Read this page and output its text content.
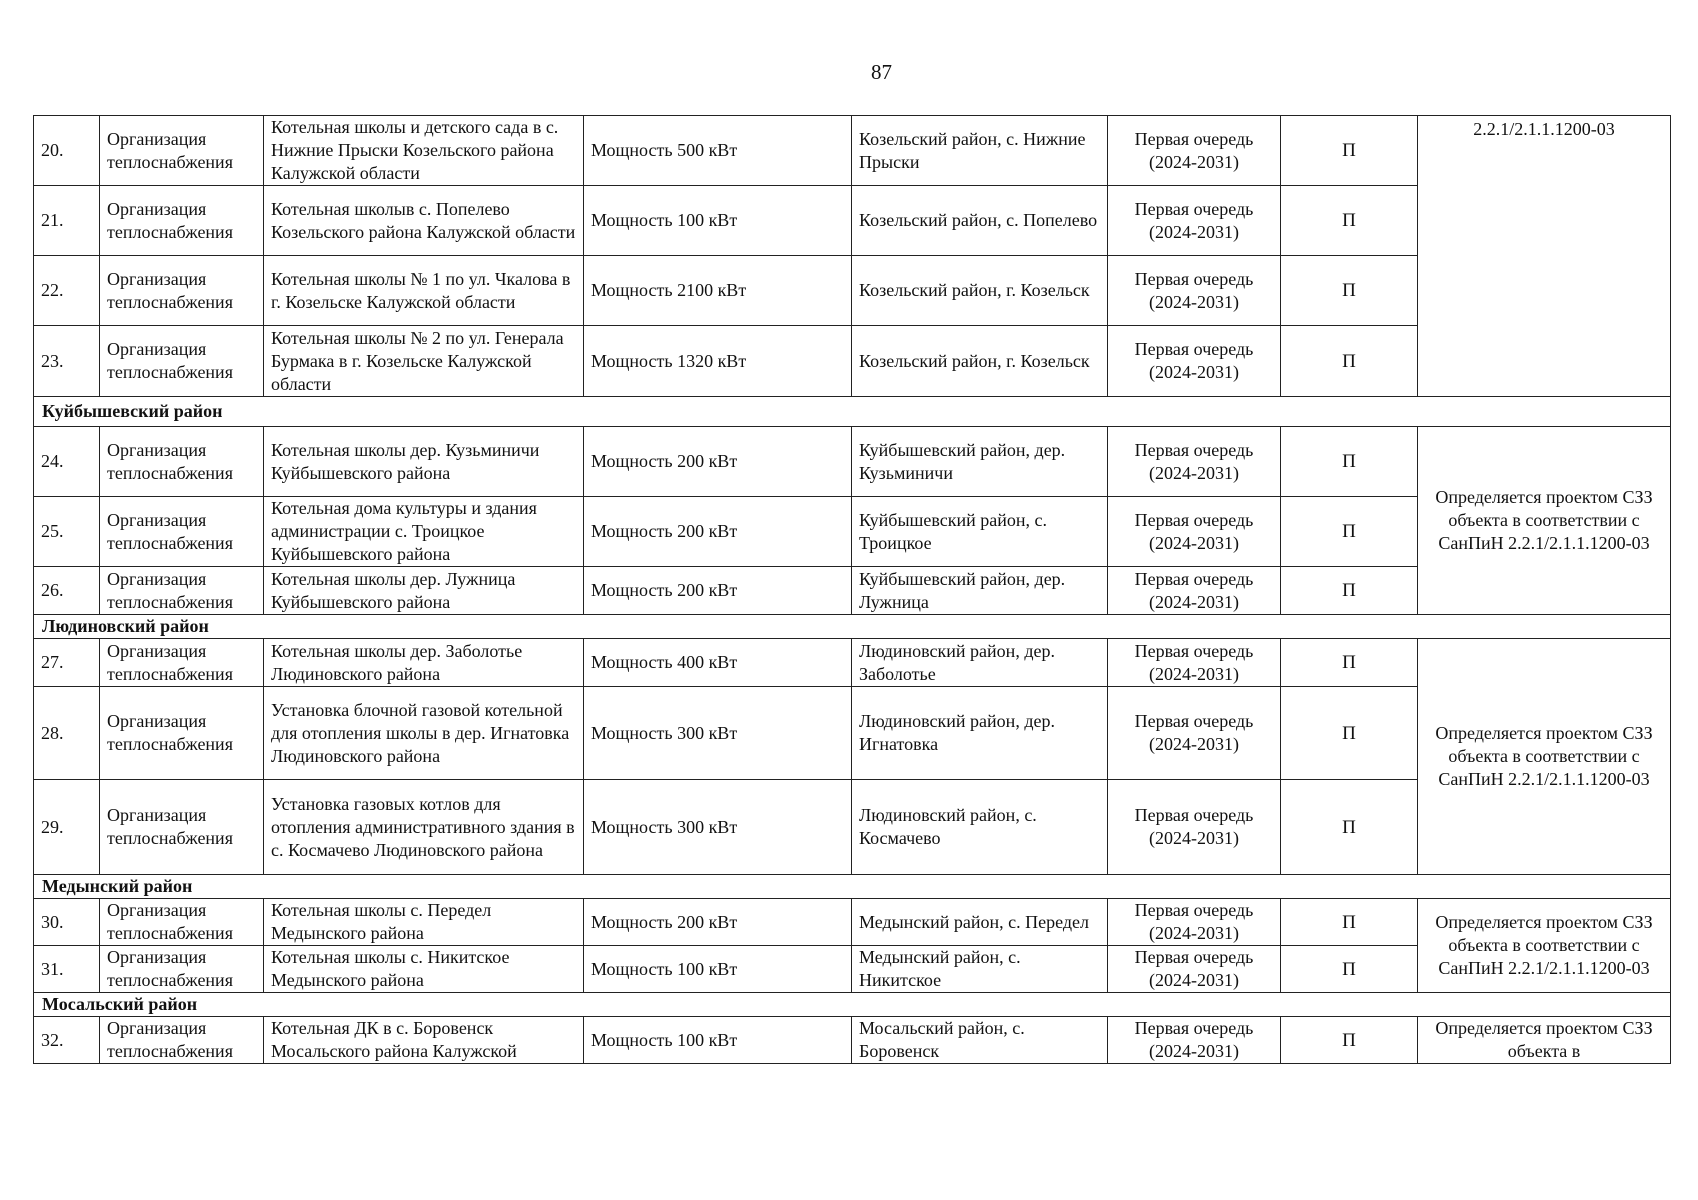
87
20.	Организация теплоснабжения	Котельная школы и детского сада в с. Нижние Прыски Козельского района Калужской области	Мощность 500 кВт	Козельский район, с. Нижние Прыски	Первая очередь (2024-2031)	П	2.2.1/2.1.1.1200-03
21.	Организация теплоснабжения	Котельная школыв с. Попелево Козельского района Калужской области	Мощность 100 кВт	Козельский район, с. Попелево	Первая очередь (2024-2031)	П	
22.	Организация теплоснабжения	Котельная школы № 1 по ул. Чкалова в г. Козельске Калужской области	Мощность 2100 кВт	Козельский район, г. Козельск	Первая очередь (2024-2031)	П	
23.	Организация теплоснабжения	Котельная школы № 2 по ул. Генерала Бурмака в г. Козельске Калужской области	Мощность 1320 кВт	Козельский район, г. Козельск	Первая очередь (2024-2031)	П	
Куйбышевский район							
24.	Организация теплоснабжения	Котельная школы дер. Кузьминичи Куйбышевского района	Мощность 200 кВт	Куйбышевский район, дер. Кузьминичи	Первая очередь (2024-2031)	П	Определяется проектом СЗЗ объекта в соответствии с СанПиН 2.2.1/2.1.1.1200-03
25.	Организация теплоснабжения	Котельная дома культуры и здания администрации с. Троицкое Куйбышевского района	Мощность 200 кВт	Куйбышевский район, с. Троицкое	Первая очередь (2024-2031)	П	
26.	Организация теплоснабжения	Котельная школы дер. Лужница Куйбышевского района	Мощность 200 кВт	Куйбышевский район, дер. Лужница	Первая очередь (2024-2031)	П	
Людиновский район							
27.	Организация теплоснабжения	Котельная школы дер. Заболотье Людиновского района	Мощность 400 кВт	Людиновский район, дер. Заболотье	Первая очередь (2024-2031)	П	Определяется проектом СЗЗ объекта в соответствии с СанПиН 2.2.1/2.1.1.1200-03
28.	Организация теплоснабжения	Установка блочной газовой котельной для отопления школы в дер. Игнатовка Людиновского района	Мощность 300 кВт	Людиновский район, дер. Игнатовка	Первая очередь (2024-2031)	П	
29.	Организация теплоснабжения	Установка газовых котлов для отопления административного здания в с. Космачево Людиновского района	Мощность 300 кВт	Людиновский район, с. Космачево	Первая очередь (2024-2031)	П	
Медынский район							
30.	Организация теплоснабжения	Котельная школы с. Передел Медынского района	Мощность 200 кВт	Медынский район, с. Передел	Первая очередь (2024-2031)	П	Определяется проектом СЗЗ объекта в соответствии с СанПиН 2.2.1/2.1.1.1200-03
31.	Организация теплоснабжения	Котельная школы с. Никитское Медынского района	Мощность 100 кВт	Медынский район, с. Никитское	Первая очередь (2024-2031)	П	
Мосальский район							
32.	Организация теплоснабжения	Котельная ДК в с. Боровенск Мосальского района Калужской	Мощность 100 кВт	Мосальский район, с. Боровенск	Первая очередь (2024-2031)	П	Определяется проектом СЗЗ объекта в
